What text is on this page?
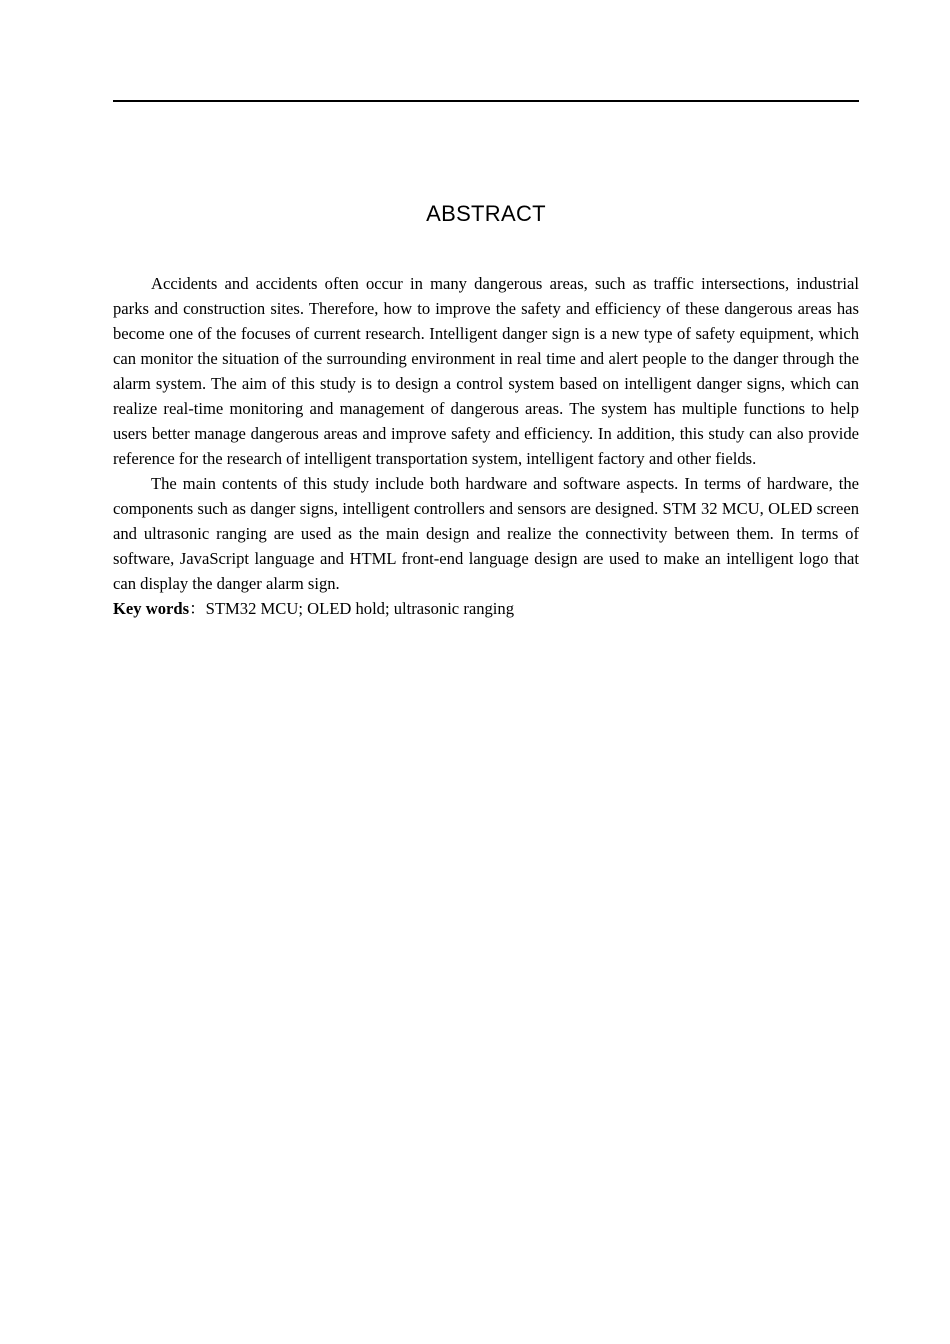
ABSTRACT

Accidents and accidents often occur in many dangerous areas, such as traffic intersections, industrial parks and construction sites. Therefore, how to improve the safety and efficiency of these dangerous areas has become one of the focuses of current research. Intelligent danger sign is a new type of safety equipment, which can monitor the situation of the surrounding environment in real time and alert people to the danger through the alarm system. The aim of this study is to design a control system based on intelligent danger signs, which can realize real-time monitoring and management of dangerous areas. The system has multiple functions to help users better manage dangerous areas and improve safety and efficiency. In addition, this study can also provide reference for the research of intelligent transportation system, intelligent factory and other fields.

The main contents of this study include both hardware and software aspects. In terms of hardware, the components such as danger signs, intelligent controllers and sensors are designed. STM 32 MCU, OLED screen and ultrasonic ranging are used as the main design and realize the connectivity between them. In terms of software, JavaScript language and HTML front-end language design are used to make an intelligent logo that can display the danger alarm sign.

Key words：STM32 MCU; OLED hold; ultrasonic ranging
